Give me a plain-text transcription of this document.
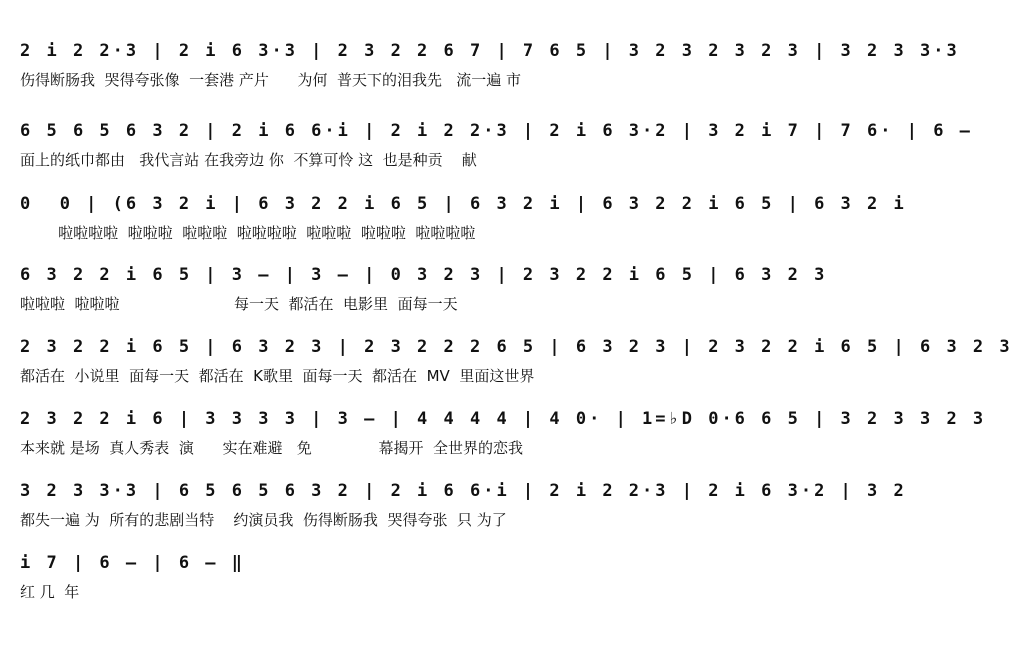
2 i 2 2·3 | 2 i 6 3·3 | 2 3 2 2 6 7 | 7 6 5 | 3 2 3 2 3 2 3 | 3 2 3 3·3
伤得断肠我  哭得夸张像  一套港 产片      为何  普天下的泪我先   流一遍 市
6 5 6 5 6 3 2 | 2 i 6 6·i | 2 i 2 2·3 | 2 i 6 3·2 | 3 2 i 7 | 7 6· | 6 —
面上的纸巾都由   我代言站 在我旁边 你  不算可怜 这  也是种贡    献
0  0 | (6 3 2 i | 6 3 2 2 i 6 5 | 6 3 2 i | 6 3 2 2 i 6 5 | 6 3 2 i
啦啦啦啦  啦啦啦  啦啦啦  啦啦啦啦  啦啦啦  啦啦啦  啦啦啦啦
6 3 2 2 i 6 5 | 3 — | 3 — | 0 3 2 3 | 2 3 2 2 i 6 5 | 6 3 2 3
啦啦啦  啦啦啦                        每一天  都活在  电影里  面每一天
2 3 2 2 i 6 5 | 6 3 2 3 | 2 3 2 2 2 6 5 | 6 3 2 3 | 2 3 2 2 i 6 5 | 6 3 2 3
都活在  小说里  面每一天  都活在  K歌里  面每一天  都活在  MV  里面这世界
2 3 2 2 i 6 | 3 3 3 3 | 3 — | 4 4 4 4 | 4 0· | 1=♭D 0·6 6 5 | 3 2 3 3 2 3
本来就 是场  真人秀表  演      实在难避   免              幕揭开  全世界的恋我
3 2 3 3·3 | 6 5 6 5 6 3 2 | 2 i 6 6·i | 2 i 2 2·3 | 2 i 6 3·2 | 3 2
都失一遍 为  所有的悲剧当特    约演员我  伤得断肠我  哭得夸张  只 为了
i 7 | 6 — | 6 — ‖
红 几  年
